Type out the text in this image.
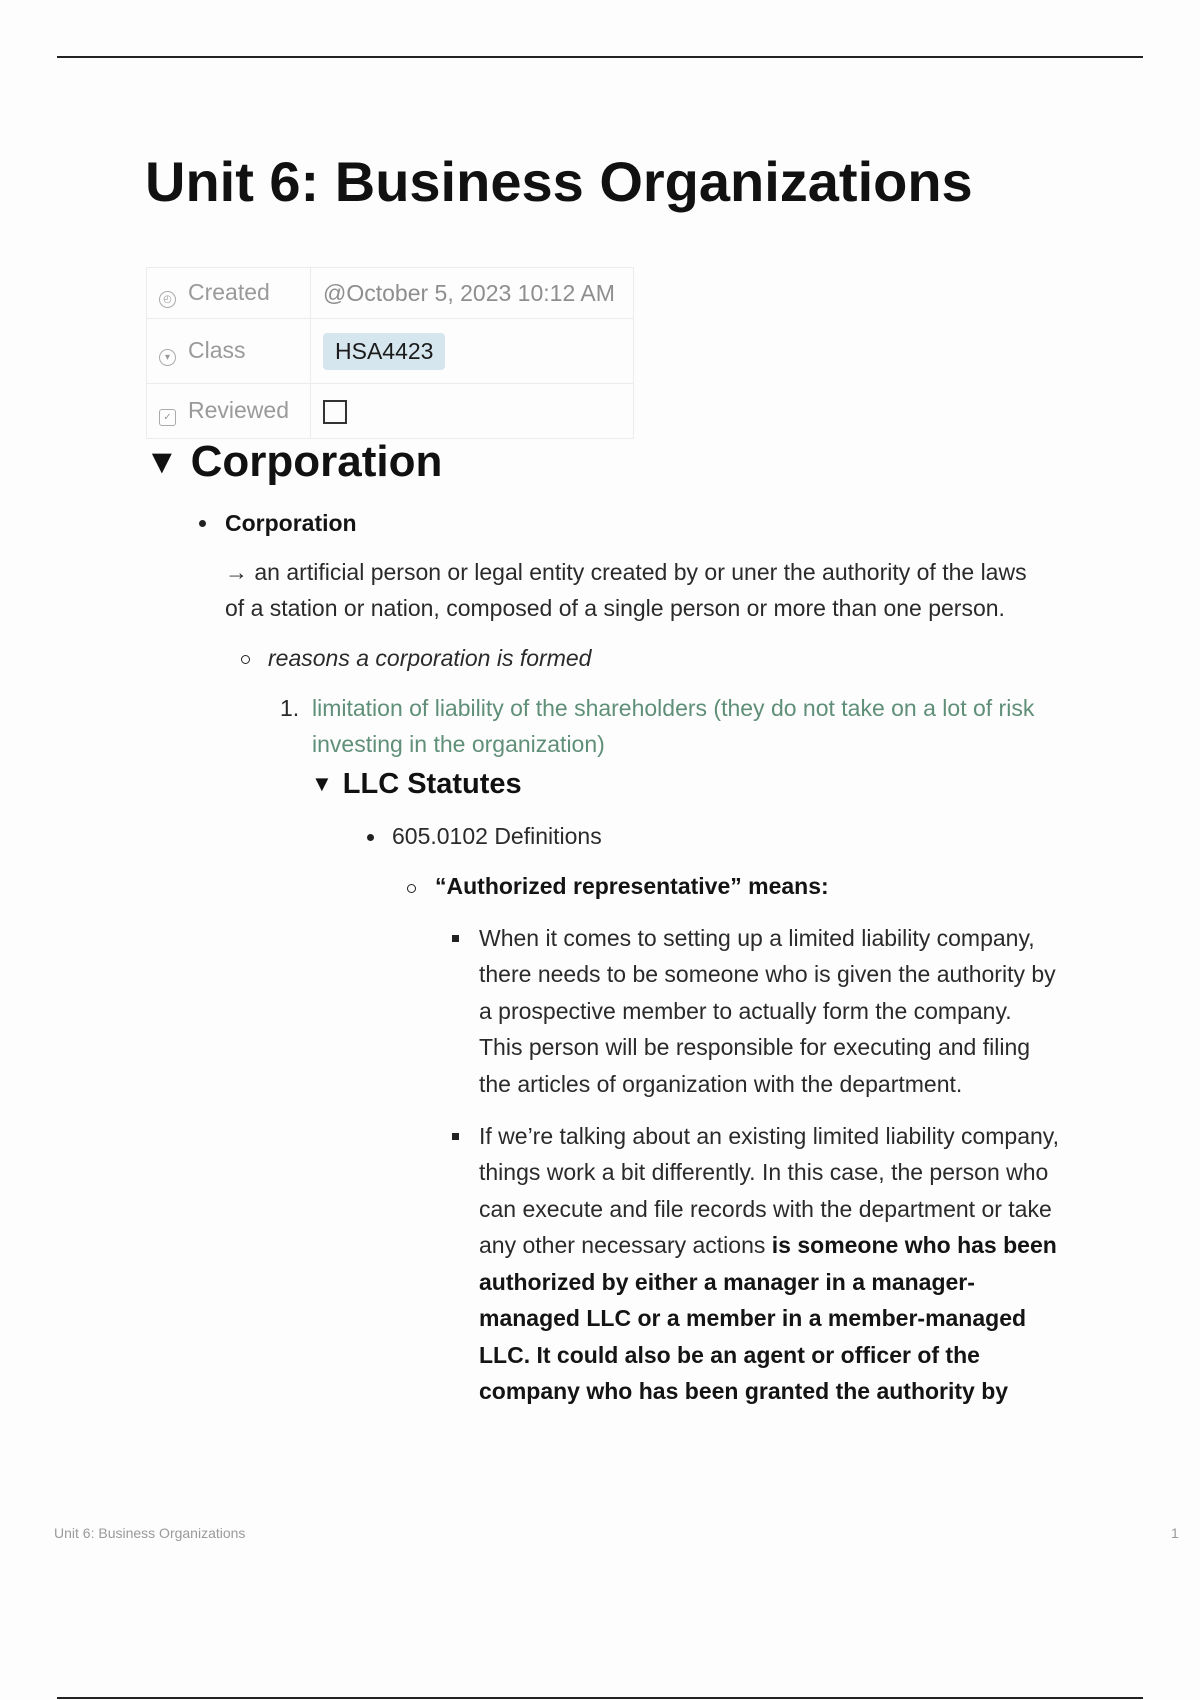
Unit 6: Business Organizations
◴ Created	@October 5, 2023 10:12 AM
▾ Class	HSA4423
✓ Reviewed	
▼ Corporation
Corporation
→ an artificial person or legal entity created by or uner the authority of the laws
of a station or nation, composed of a single person or more than one person.
reasons a corporation is formed
1. limitation of liability of the shareholders (they do not take on a lot of risk
investing in the organization)
▼ LLC Statutes
605.0102 Definitions
“Authorized representative” means:
When it comes to setting up a limited liability company,
there needs to be someone who is given the authority by
a prospective member to actually form the company.
This person will be responsible for executing and filing
the articles of organization with the department.
If we’re talking about an existing limited liability company,
things work a bit differently. In this case, the person who
can execute and file records with the department or take
any other necessary actions is someone who has been
authorized by either a manager in a manager-
managed LLC or a member in a member-managed
LLC. It could also be an agent or officer of the
company who has been granted the authority by
Unit 6: Business Organizations	1
